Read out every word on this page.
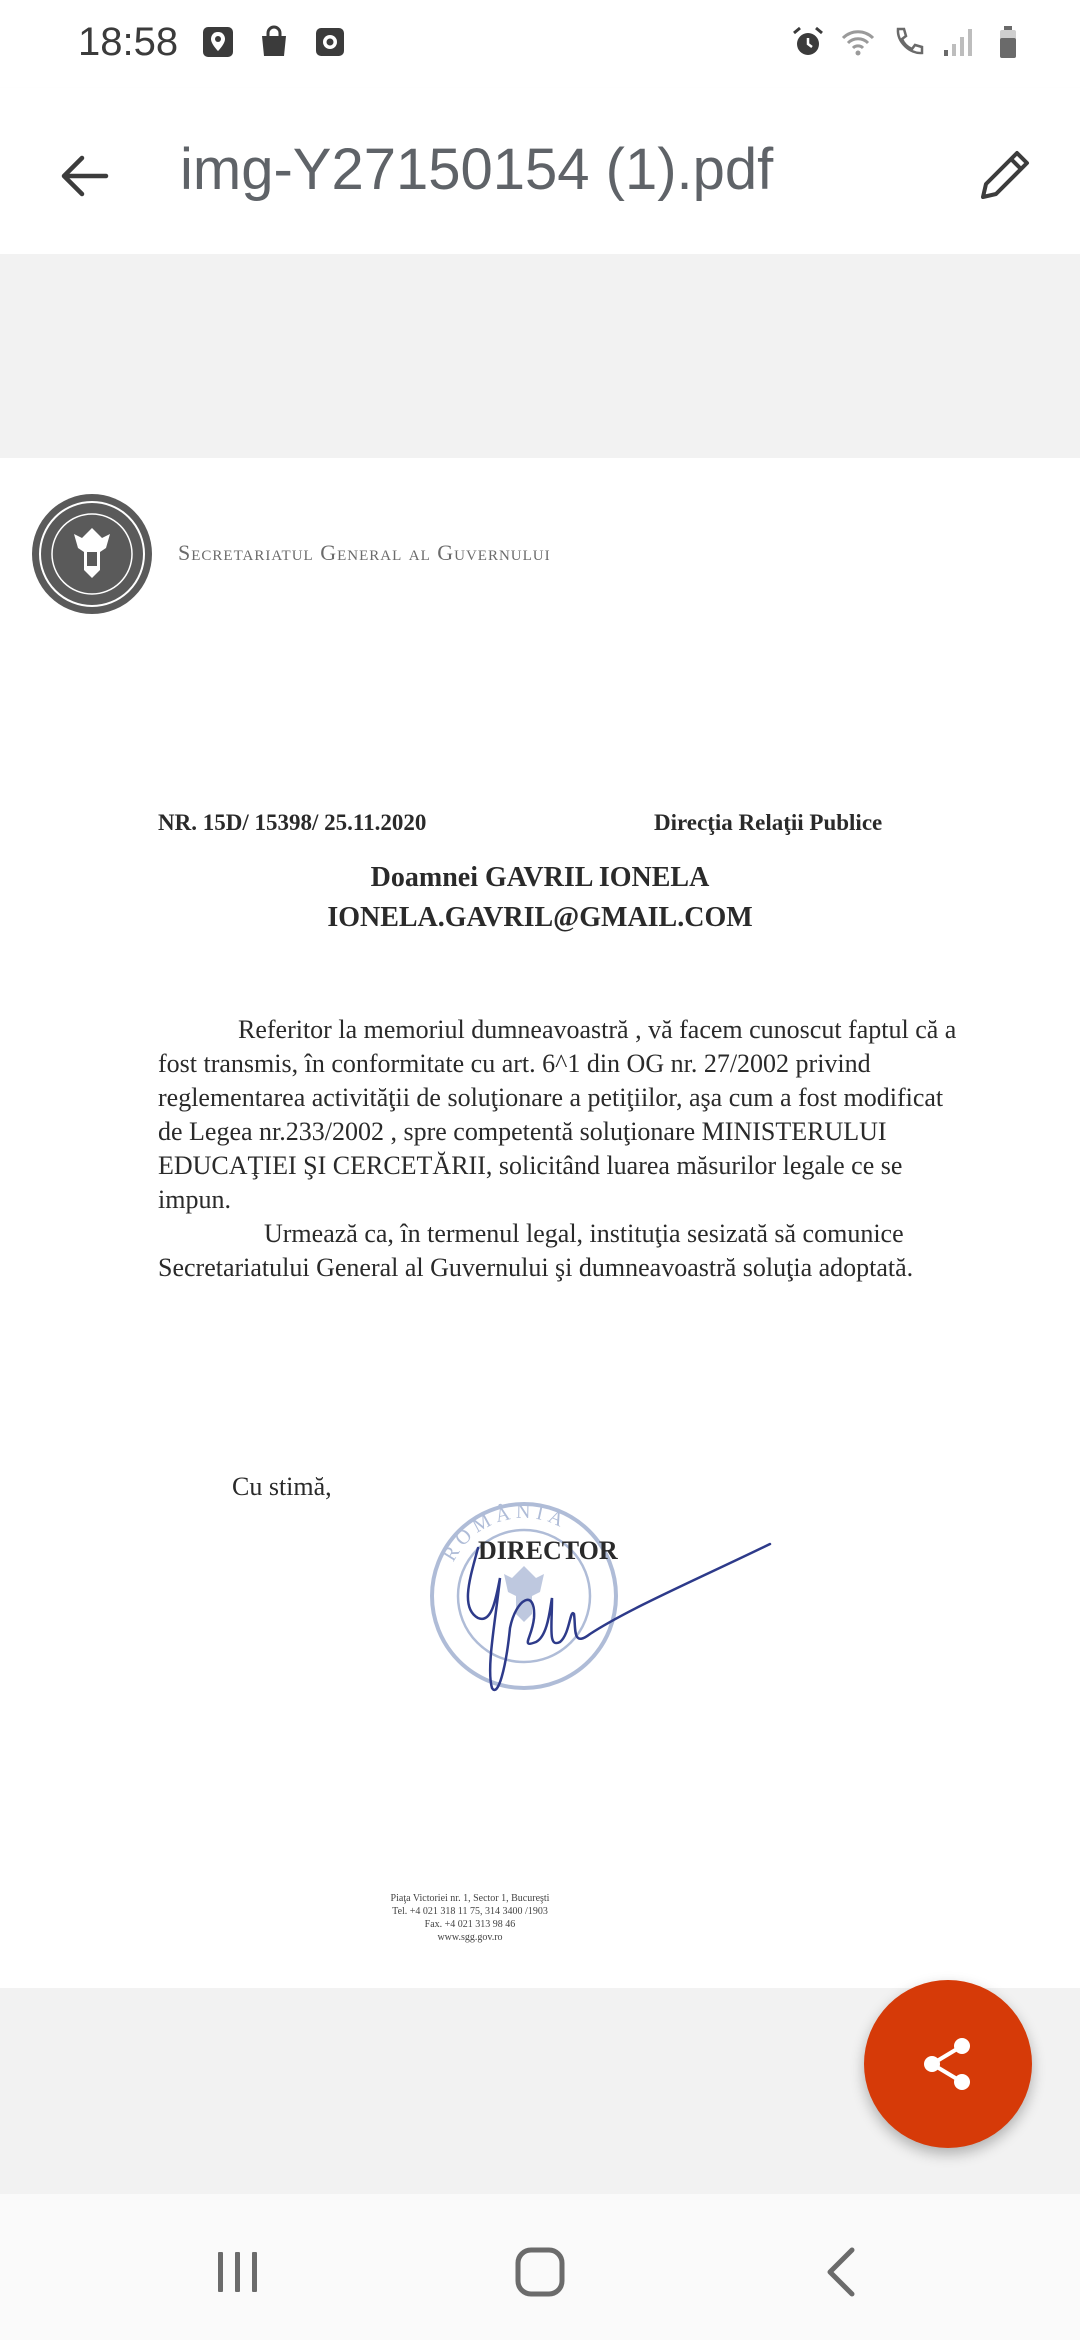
18:58
img-Y27150154 (1).pdf
Secretariatul General al Guvernului
NR. 15D/ 15398/ 25.11.2020	Direcţia Relaţii Publice
Doamnei GAVRIL IONELA
IONELA.GAVRIL@GMAIL.COM

Referitor la memoriul dumneavoastră , vă facem cunoscut faptul că a fost transmis, în conformitate cu art. 6^1 din OG nr. 27/2002 privind reglementarea activităţii de soluţionare a petiţiilor, aşa cum a fost modificat de Legea nr.233/2002 , spre competentă soluţionare MINISTERULUI EDUCAŢIEI ŞI CERCETĂRII, solicitând luarea măsurilor legale ce se impun.

Urmează ca, în termenul legal, instituţia sesizată să comunice Secretariatului General al Guvernului şi dumneavoastră soluţia adoptată.

Cu stimă,
ROMÂNIA
DIRECTOR
Piaţa Victoriei nr. 1, Sector 1, Bucureşti
Tel. +4 021 318 11 75, 314 3400 /1903
Fax. +4 021 313 98 46
www.sgg.gov.ro
